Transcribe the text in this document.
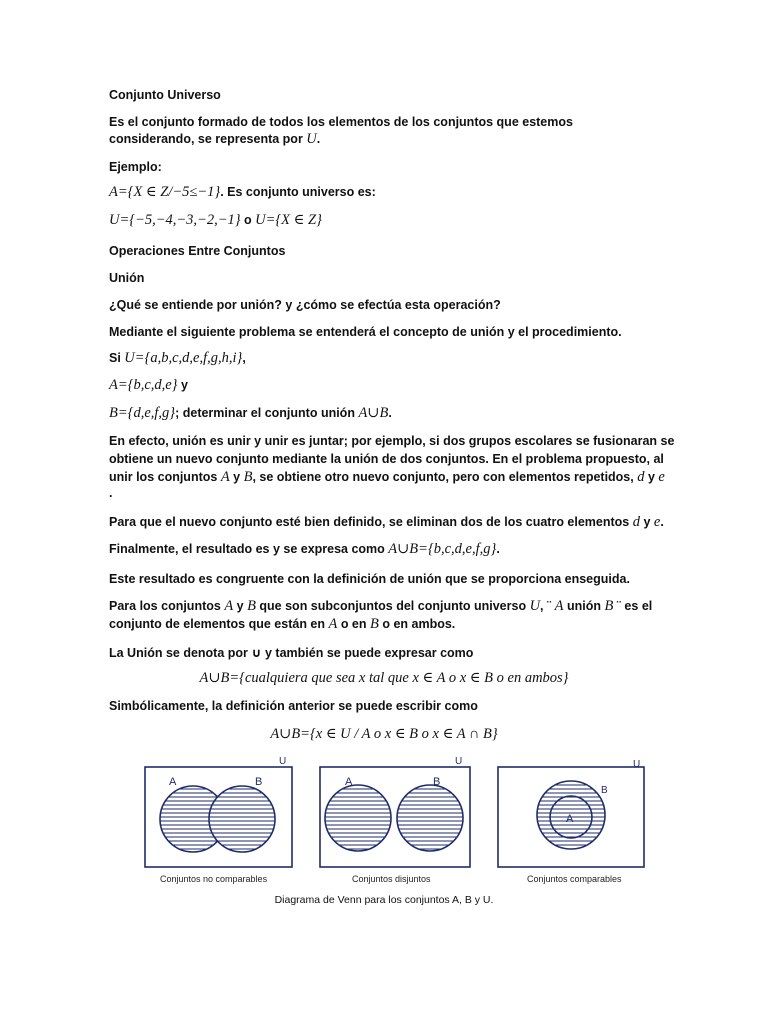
Conjunto Universo
Es el conjunto formado de todos los elementos de los conjuntos que estemos considerando, se representa por U.
Ejemplo:
A={X ∈ Z/−5≤−1}. Es conjunto universo es:
U={−5,−4,−3,−2,−1} o U={X ∈ Z}
Operaciones Entre Conjuntos
Unión
¿Qué se entiende por unión? y ¿cómo se efectúa esta operación?
Mediante el siguiente problema se entenderá el concepto de unión y el procedimiento.
Si U={a,b,c,d,e,f,g,h,i},
A={b,c,d,e} y
B={d,e,f,g}; determinar el conjunto unión A∪B.
En efecto, unión es unir y unir es juntar; por ejemplo, si dos grupos escolares se fusionaran se
obtiene un nuevo conjunto mediante la unión de dos conjuntos. En el problema propuesto, al
unir los conjuntos A y B, se obtiene otro nuevo conjunto, pero con elementos repetidos, d y e
.
Para que el nuevo conjunto esté bien definido, se eliminan dos de los cuatro elementos d y e.
Finalmente, el resultado es y se expresa como A∪B={b,c,d,e,f,g}.
Este resultado es congruente con la definición de unión que se proporciona enseguida.
Para los conjuntos A y B que son subconjuntos del conjunto universo U, ¨ A unión B ¨ es el
conjunto de elementos que están en A o en B o en ambos.
La Unión se denota por ∪ y también se puede expresar como
A∪B={cualquiera que sea x tal que x ∈ A o x ∈ B o en ambos}
Simbólicamente, la definición anterior se puede escribir como
A∪B={x ∈ U / A o x ∈ B o x ∈ A ∩ B}
A	B
U
Conjuntos no comparables
A	B
U
Conjuntos disjuntos
A
B
U
Conjuntos comparables
Diagrama de Venn para los conjuntos A, B y U.
